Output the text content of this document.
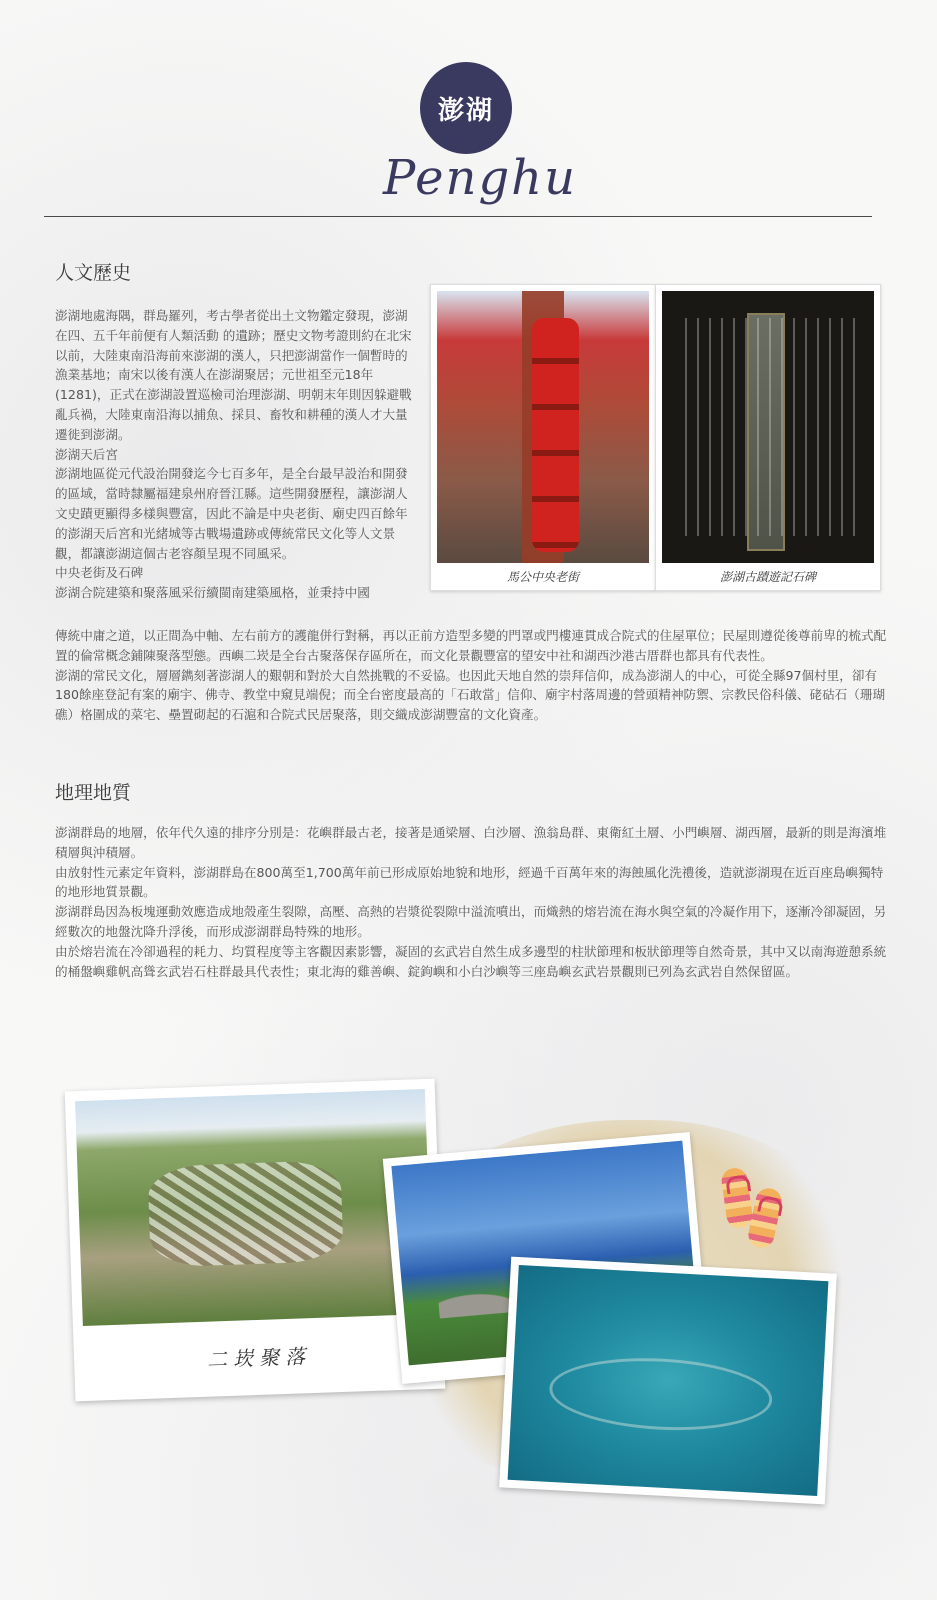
澎湖
Penghu
人文歷史

澎湖地處海隅，群島羅列，考古學者從出土文物鑑定發現，澎湖在四、五千年前便有人類活動 的遺跡；歷史文物考證則約在北宋以前，大陸東南沿海前來澎湖的漢人，只把澎湖當作一個暫時的漁業基地；南宋以後有漢人在澎湖聚居；元世祖至元18年 (1281)，正式在澎湖設置巡檢司治理澎湖、明朝末年則因躲避戰亂兵禍，大陸東南沿海以捕魚、採貝、畜牧和耕種的漢人才大量遷徙到澎湖。

澎湖天后宮

澎湖地區從元代設治開發迄今七百多年，是全台最早設治和開發的區域，當時隸屬福建泉州府晉江縣。這些開發歷程，讓澎湖人文史蹟更顯得多樣與豐富，因此不論是中央老街、廟史四百餘年的澎湖天后宮和光緒城等古戰場遺跡或傳統常民文化等人文景觀，都讓澎湖這個古老容顏呈現不同風采。

中央老街及石碑

澎湖合院建築和聚落風采衍續閩南建築風格，並秉持中國

傳統中庸之道，以正間為中軸、左右前方的護龍併行對稱，再以正前方造型多變的門罩或門樓連貫成合院式的住屋單位；民屋則遵從後尊前卑的梳式配置的倫常概念鋪陳聚落型態。西嶼二崁是全台古聚落保存區所在，而文化景觀豐富的望安中社和湖西沙港古厝群也都具有代表性。

澎湖的常民文化，層層鐫刻著澎湖人的艱朝和對於大自然挑戰的不妥協。也因此天地自然的崇拜信仰，成為澎湖人的中心，可從全縣97個村里，卻有180餘座登記有案的廟宇、佛寺、教堂中窺見端倪；而全台密度最高的「石敢當」信仰、廟宇村落周邊的營頭精神防禦、宗教民俗科儀、硓𥑮石（珊瑚礁）格圍成的菜宅、壘置砌起的石滬和合院式民居聚落，則交織成澎湖豐富的文化資產。

馬公中央老街	澎湖古蹟遊記石碑
地理地質

澎湖群島的地層，依年代久遠的排序分別是：花嶼群最古老，接著是通梁層、白沙層、漁翁島群、東衛紅土層、小門嶼層、湖西層，最新的則是海濱堆積層與沖積層。

由放射性元素定年資料，澎湖群島在800萬至1,700萬年前已形成原始地貌和地形，經過千百萬年來的海蝕風化洗禮後，造就澎湖現在近百座島嶼獨特的地形地質景觀。

澎湖群島因為板塊運動效應造成地殼產生裂隙，高壓、高熱的岩漿從裂隙中溢流噴出，而熾熱的熔岩流在海水與空氣的冷凝作用下，逐漸冷卻凝固，另經數次的地盤沈降升浮後，而形成澎湖群島特殊的地形。

由於熔岩流在冷卻過程的耗力、均質程度等主客觀因素影響，凝固的玄武岩自然生成多邊型的柱狀節理和板狀節理等自然奇景，其中又以南海遊憩系統的桶盤嶼雞帆高聳玄武岩石柱群最具代表性；東北海的雞善嶼、錠鉤嶼和小白沙嶼等三座島嶼玄武岩景觀則已列為玄武岩自然保留區。

二崁聚落
